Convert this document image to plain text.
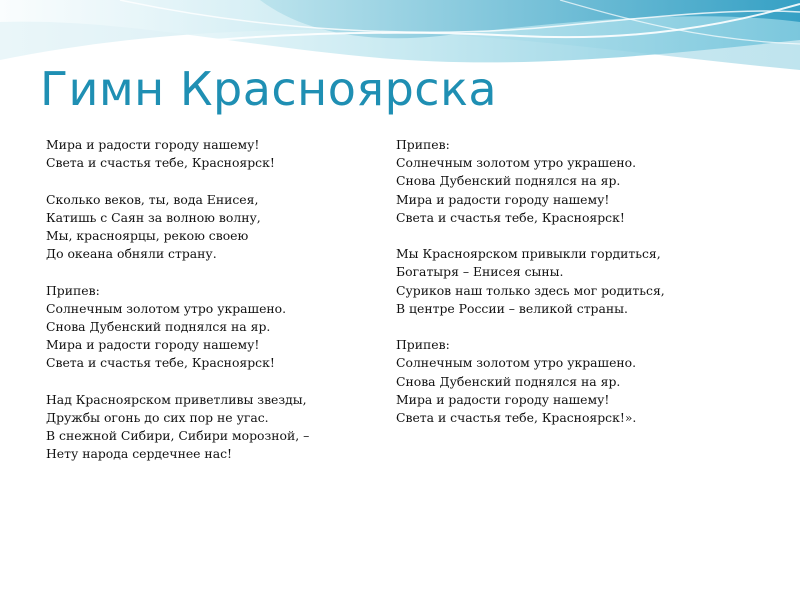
Гимн Красноярска

Мира и радости городу нашему!
Света и счастья тебе, Красноярск!

Сколько веков, ты, вода Енисея,
Катишь с Саян за волною волну,
Мы, красноярцы, рекою своею
До океана обняли страну.

Припев:
Солнечным золотом утро украшено.
Снова Дубенский поднялся на яр.
Мира и радости городу нашему!
Света и счастья тебе, Красноярск!

Над Красноярском приветливы звезды,
Дружбы огонь до сих пор не угас.
В снежной Сибири, Сибири морозной, –
Нету народа сердечнее нас!

Припев:
Солнечным золотом утро украшено.
Снова Дубенский поднялся на яр.
Мира и радости городу нашему!
Света и счастья тебе, Красноярск!

Мы Красноярском привыкли гордиться,
Богатыря – Енисея сыны.
Суриков наш только здесь мог родиться,
В центре России – великой страны.

Припев:
Солнечным золотом утро украшено.
Снова Дубенский поднялся на яр.
Мира и радости городу нашему!
Света и счастья тебе, Красноярск!».
